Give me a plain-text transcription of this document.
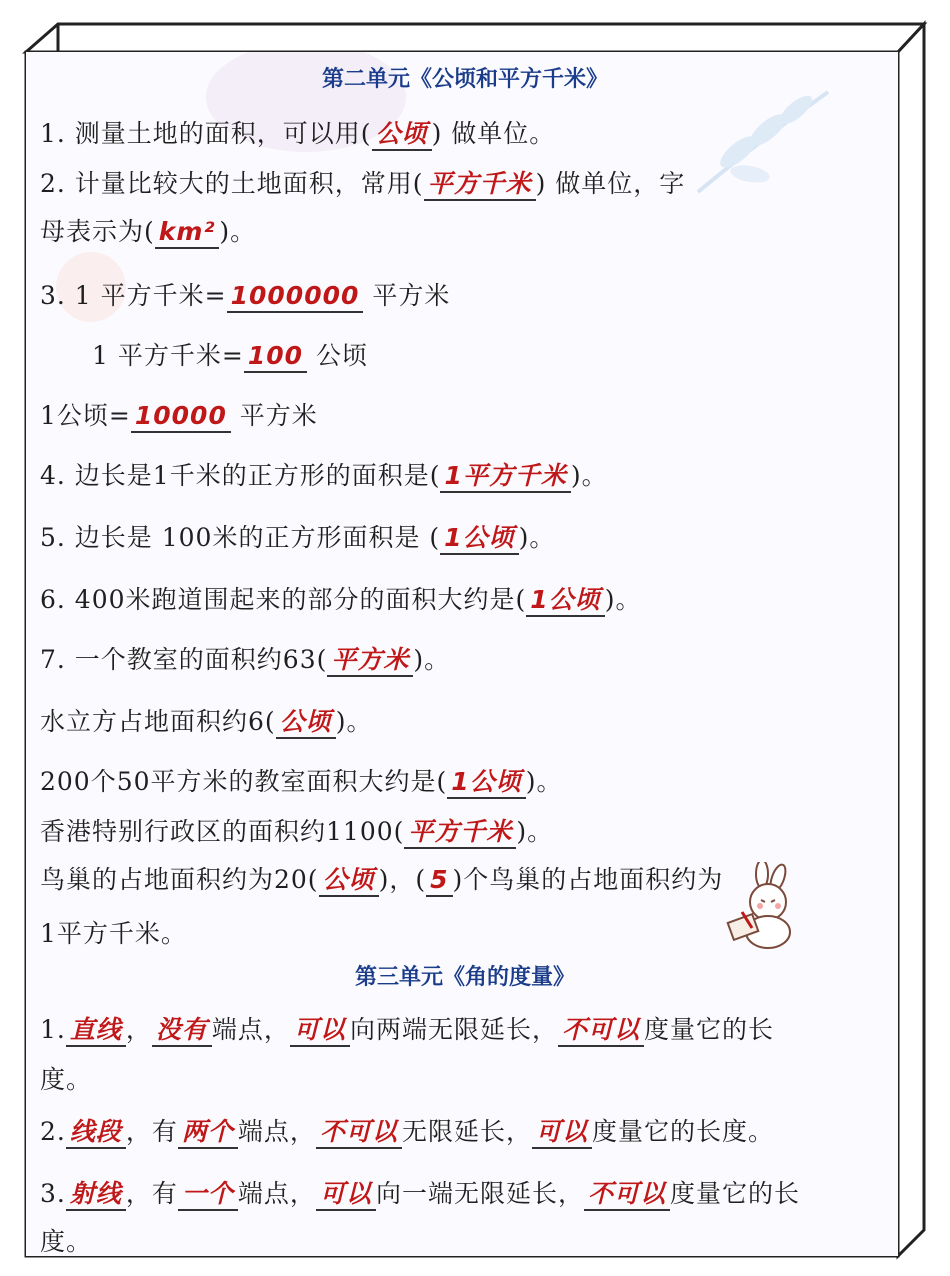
第二单元《公顷和平方千米》
1. 测量土地的面积，可以用( 公顷 ) 做单位。
2. 计量比较大的土地面积，常用( 平方千米 ) 做单位，字
母表示为( km² )。
3. 1 平方千米= 1000000 平方米
1 平方千米= 100 公顷
1公顷= 10000 平方米
4. 边长是1千米的正方形的面积是( 1平方千米 )。
5. 边长是 100米的正方形面积是 ( 1公顷 )。
6. 400米跑道围起来的部分的面积大约是( 1公顷 )。
7. 一个教室的面积约63( 平方米 )。
水立方占地面积约6( 公顷 )。
200个50平方米的教室面积大约是( 1公顷 )。
香港特别行政区的面积约1100( 平方千米 )。
鸟巢的占地面积约为20( 公顷 )，( 5 )个鸟巢的占地面积约为
1平方千米。
第三单元《角的度量》
1. 直线 ， 没有 端点， 可以 向两端无限延长， 不可以 度量它的长
度。
2. 线段 ，有 两个 端点， 不可以 无限延长， 可以 度量它的长度。
3. 射线 ，有 一个 端点， 可以 向一端无限延长， 不可以 度量它的长
度。
